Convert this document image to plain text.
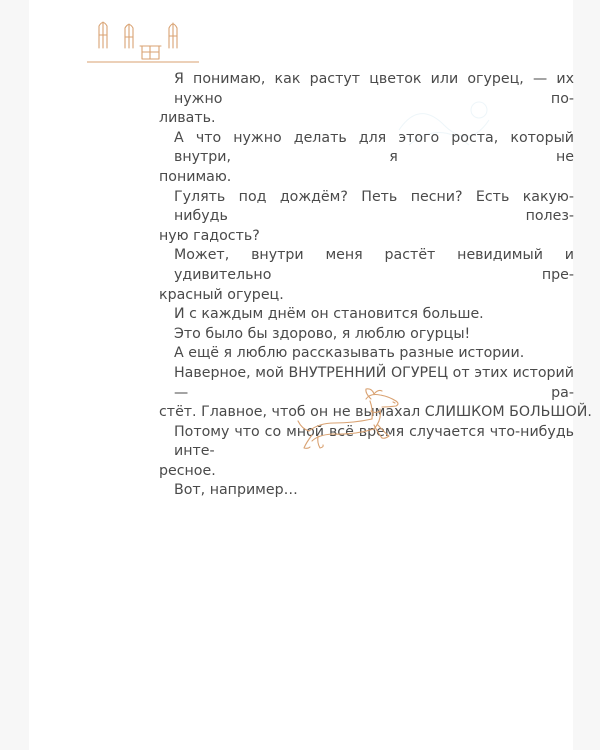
Я понимаю, как растут цветок или огурец, — их нужно по-
ливать.
А что нужно делать для этого роста, который внутри, я не
понимаю.
Гулять под дождём? Петь песни? Есть какую-нибудь полез-
ную гадость?
Может, внутри меня растёт невидимый и удивительно пре-
красный огурец.
И с каждым днём он становится больше.
Это было бы здорово, я люблю огурцы!
А ещё я люблю рассказывать разные истории.
Наверное, мой ВНУТРЕННИЙ ОГУРЕЦ от этих историй — ра-
стёт. Главное, чтоб он не вымахал СЛИШКОМ БОЛЬШОЙ.
Потому что со мной всё время случается что-нибудь инте-
ресное.
Вот, например…
